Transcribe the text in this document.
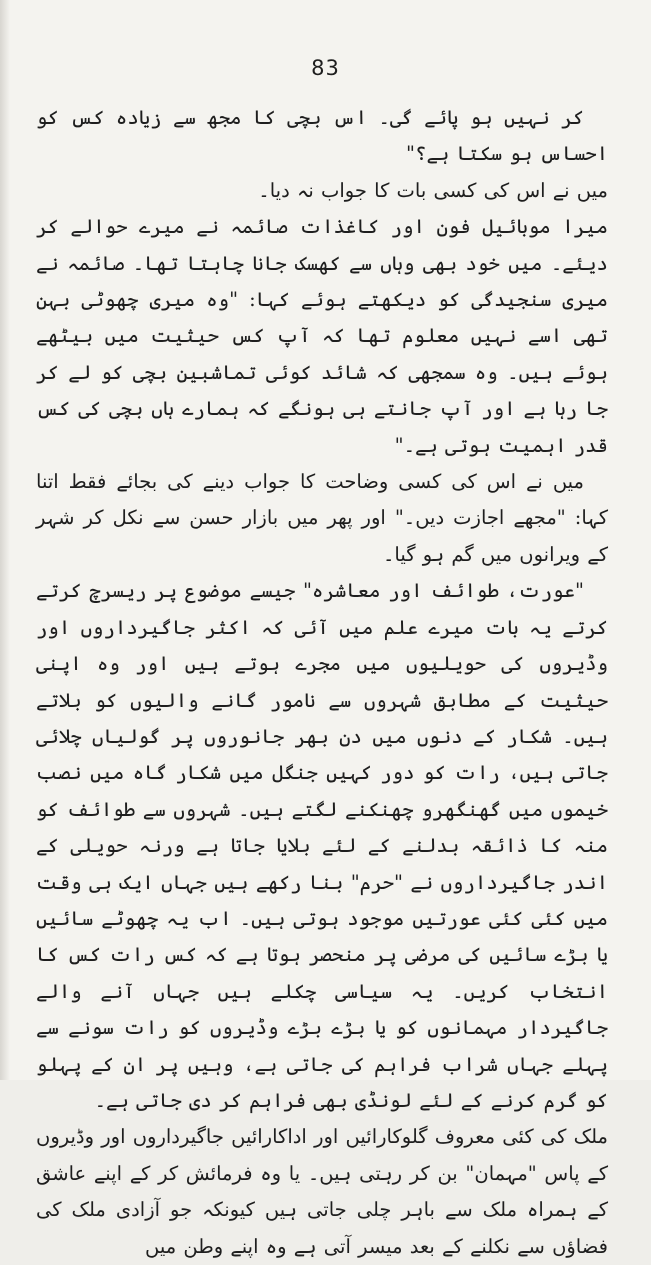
83

کر نہیں ہو پائے گی۔ اس بچی کا مجھ سے زیادہ کس کو احساس ہو سکتا ہے؟"

میں نے اس کی کسی بات کا جواب نہ دیا۔

میرا موبائیل فون اور کاغذات صائمہ نے میرے حوالے کر دیئے۔ میں خود بھی وہاں سے کھسک جانا چاہتا تھا۔ صائمہ نے میری سنجیدگی کو دیکھتے ہوئے کہا: "وہ میری چھوٹی بہن تھی اسے نہیں معلوم تھا کہ آپ کس حیثیت میں بیٹھے ہوئے ہیں۔ وہ سمجھی کہ شائد کوئی تماشبین بچی کو لے کر جا رہا ہے اور آپ جانتے ہی ہونگے کہ ہمارے ہاں بچی کی کس قدر اہمیت ہوتی ہے۔"

میں نے اس کی کسی وضاحت کا جواب دینے کی بجائے فقط اتنا کہا: "مجھے اجازت دیں۔" اور پھر میں بازار حسن سے نکل کر شہر کے ویرانوں میں گم ہو گیا۔

"عورت، طوائف اور معاشرہ" جیسے موضوع پر ریسرچ کرتے کرتے یہ بات میرے علم میں آئی کہ اکثر جاگیرداروں اور وڈیروں کی حویلیوں میں مجرے ہوتے ہیں اور وہ اپنی حیثیت کے مطابق شہروں سے نامور گانے والیوں کو بلاتے ہیں۔ شکار کے دنوں میں دن بھر جانوروں پر گولیاں چلائی جاتی ہیں، رات کو دور کہیں جنگل میں شکار گاہ میں نصب خیموں میں گھنگھرو چھنکنے لگتے ہیں۔ شہروں سے طوائف کو منہ کا ذائقہ بدلنے کے لئے بلایا جاتا ہے ورنہ حویلی کے اندر جاگیرداروں نے "حرم" بنا رکھے ہیں جہاں ایک ہی وقت میں کئی کئی عورتیں موجود ہوتی ہیں۔ اب یہ چھوٹے سائیں یا بڑے سائیں کی مرضی پر منحصر ہوتا ہے کہ کس رات کس کا انتخاب کریں۔ یہ سیاسی چکلے ہیں جہاں آنے والے جاگیردار مہمانوں کو یا بڑے بڑے وڈیروں کو رات سونے سے پہلے جہاں شراب فراہم کی جاتی ہے، وہیں پر ان کے پہلو کو گرم کرنے کے لئے لونڈی بھی فراہم کر دی جاتی ہے۔

ملک کی کئی معروف گلوکارائیں اور اداکارائیں جاگیرداروں اور وڈیروں کے پاس "مہمان" بن کر رہتی ہیں۔ یا وہ فرمائش کر کے اپنے عاشق کے ہمراہ ملک سے باہر چلی جاتی ہیں کیونکہ جو آزادی ملک کی فضاؤں سے نکلنے کے بعد میسر آتی ہے وہ اپنے وطن میں
